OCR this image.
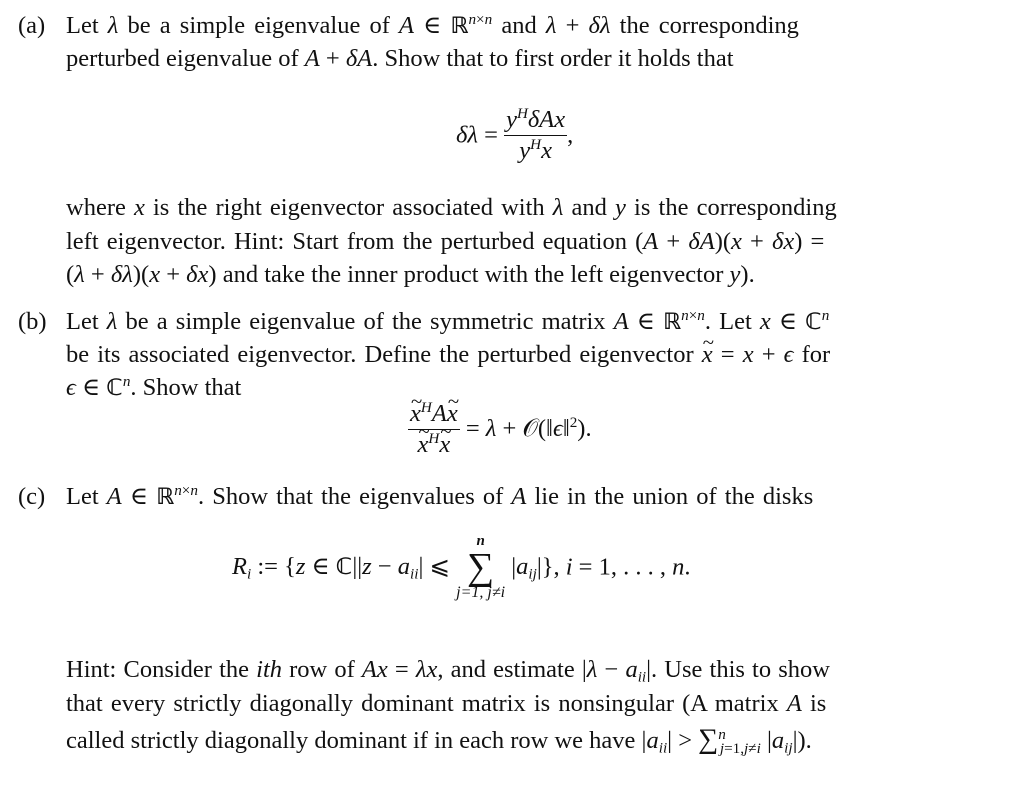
(a) Let λ be a simple eigenvalue of A ∈ ℝ$^{n\times n}$ and λ + δλ the corresponding
perturbed eigenvalue of A + δA. Show that to first order it holds that
$\delta\lambda = \frac{y^H\delta Ax}{y^Hx}$ ,
where x is the right eigenvector associated with λ and y is the corresponding
left eigenvector. Hint: Start from the perturbed equation (A + δA)(x + δx) =
(λ + δλ)(x + δx) and take the inner product with the left eigenvector y).
(b) Let λ be a simple eigenvalue of the symmetric matrix A ∈ ℝ$^{n\times n}$. Let x ∈ ℂ$^n$
be its associated eigenvector. Define the perturbed eigenvector ~ x = x + ϵ for
ϵ ∈ ℂ$^n$. Show that
~ $x^HA\sim$ x
~ $x^H\sim$ x = λ + 𝒪(‖ϵ‖$^2$).
(c) Let A ∈ ℝ$^{n\times n}$. Show that the eigenvalues of A lie in the union of the disks
$R_i$ := {z ∈ ℂ||z − $a_{ii}|$ ⩽
n
∑
j=1, j≠i
$|a_{ij}|$}, i = 1, . . . , n.
Hint: Consider the ith row of Ax = λx, and estimate $|\lambda - a_{ii}|$. Use this to show
that every strictly diagonally dominant matrix is nonsingular (A matrix A is
called strictly diagonally dominant if in each row we have $|a_{ii}| > \sum^n_{j=1,j\ne i}$ $|a_{ij}|$).
